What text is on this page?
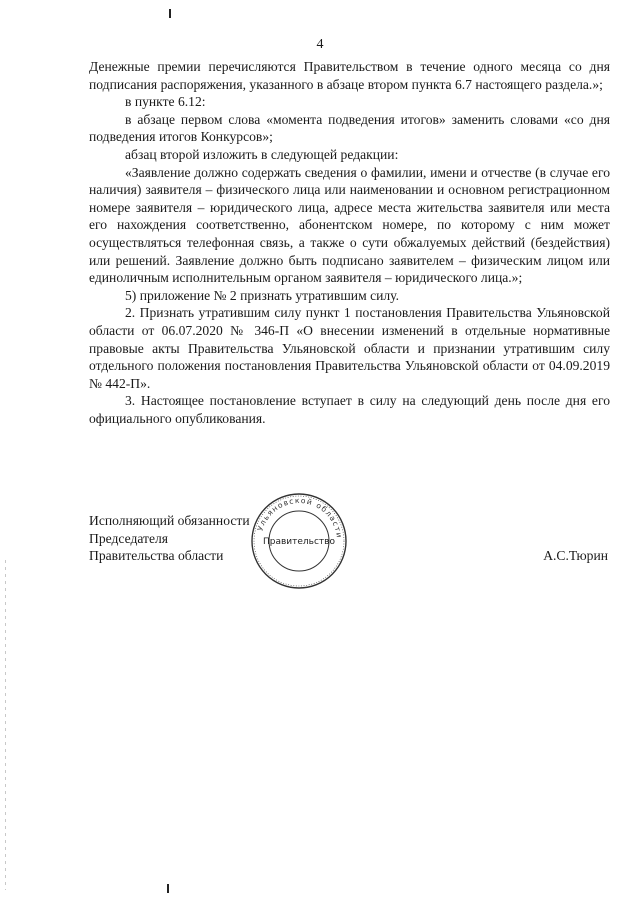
4

Денежные премии перечисляются Правительством в течение одного месяца со дня подписания распоряжения, указанного в абзаце втором пункта 6.7 настоящего раздела.»;

в пункте 6.12:

в абзаце первом слова «момента подведения итогов» заменить словами «со дня подведения итогов Конкурсов»;

абзац второй изложить в следующей редакции:

«Заявление должно содержать сведения о фамилии, имени и отчестве (в случае его наличия) заявителя – физического лица или наименовании и основном регистрационном номере заявителя – юридического лица, адресе места жительства заявителя или места его нахождения соответственно, абонентском номере, по которому с ним может осуществляться телефонная связь, а также о сути обжалуемых действий (бездействия) или решений. Заявление должно быть подписано заявителем – физическим лицом или единоличным исполнительным органом заявителя – юридического лица.»;

5) приложение № 2 признать утратившим силу.

2. Признать утратившим силу пункт 1 постановления Правительства Ульяновской области от 06.07.2020 № 346-П «О внесении изменений в отдельные нормативные правовые акты Правительства Ульяновской области и признании утратившим силу отдельного положения постановления Правительства Ульяновской области от 04.09.2019 № 442-П».

3. Настоящее постановление вступает в силу на следующий день после дня его официального опубликования.

Исполняющий обязанности
Председателя
Правительства области	А.С.Тюрин
Ульяновской области
Правительство
